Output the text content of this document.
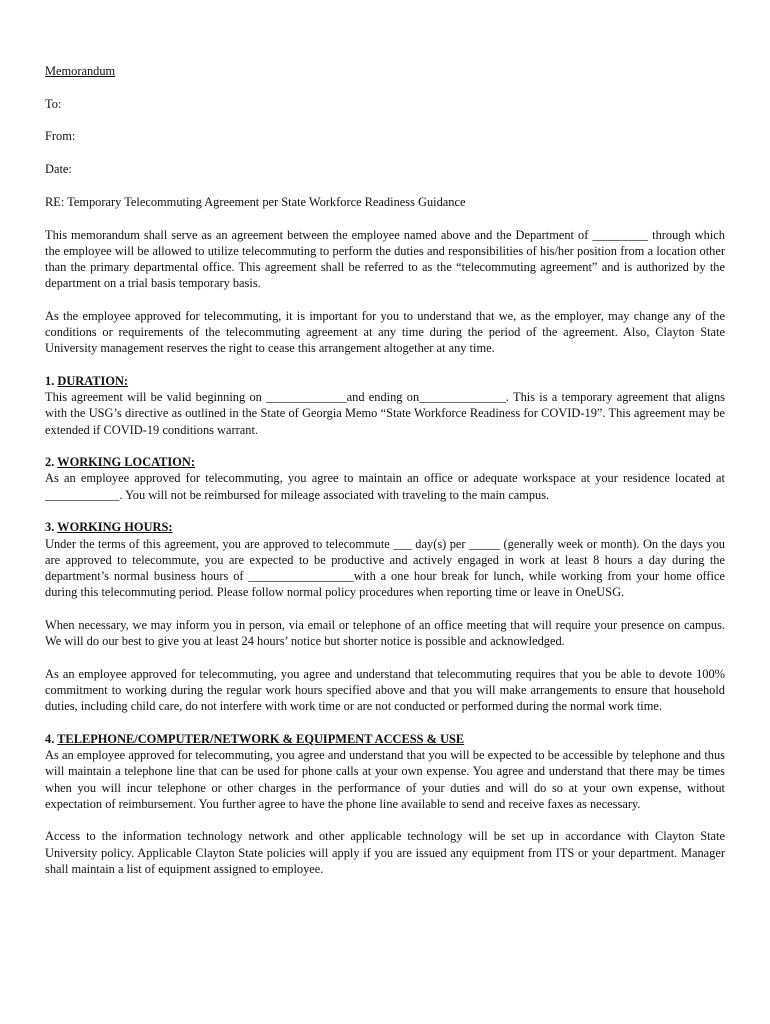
Memorandum

To:

From:

Date:

RE: Temporary Telecommuting Agreement per State Workforce Readiness Guidance

This memorandum shall serve as an agreement between the employee named above and the Department of _________ through which the employee will be allowed to utilize telecommuting to perform the duties and responsibilities of his/her position from a location other than the primary departmental office. This agreement shall be referred to as the “telecommuting agreement” and is authorized by the department on a trial basis temporary basis.

As the employee approved for telecommuting, it is important for you to understand that we, as the employer, may change any of the conditions or requirements of the telecommuting agreement at any time during the period of the agreement. Also, Clayton State University management reserves the right to cease this arrangement altogether at any time.

1. DURATION:

This agreement will be valid beginning on _____________and ending on______________. This is a temporary agreement that aligns with the USG’s directive as outlined in the State of Georgia Memo “State Workforce Readiness for COVID-19”. This agreement may be extended if COVID-19 conditions warrant.

2. WORKING LOCATION:

As an employee approved for telecommuting, you agree to maintain an office or adequate workspace at your residence located at ____________. You will not be reimbursed for mileage associated with traveling to the main campus.

3. WORKING HOURS:

Under the terms of this agreement, you are approved to telecommute ___ day(s) per _____ (generally week or month). On the days you are approved to telecommute, you are expected to be productive and actively engaged in work at least 8 hours a day during the department’s normal business hours of _________________with a one hour break for lunch, while working from your home office during this telecommuting period. Please follow normal policy procedures when reporting time or leave in OneUSG.

When necessary, we may inform you in person, via email or telephone of an office meeting that will require your presence on campus. We will do our best to give you at least 24 hours’ notice but shorter notice is possible and acknowledged.

As an employee approved for telecommuting, you agree and understand that telecommuting requires that you be able to devote 100% commitment to working during the regular work hours specified above and that you will make arrangements to ensure that household duties, including child care, do not interfere with work time or are not conducted or performed during the normal work time.

4. TELEPHONE/COMPUTER/NETWORK & EQUIPMENT ACCESS & USE

As an employee approved for telecommuting, you agree and understand that you will be expected to be accessible by telephone and thus will maintain a telephone line that can be used for phone calls at your own expense. You agree and understand that there may be times when you will incur telephone or other charges in the performance of your duties and will do so at your own expense, without expectation of reimbursement. You further agree to have the phone line available to send and receive faxes as necessary.

Access to the information technology network and other applicable technology will be set up in accordance with Clayton State University policy. Applicable Clayton State policies will apply if you are issued any equipment from ITS or your department. Manager shall maintain a list of equipment assigned to employee.
